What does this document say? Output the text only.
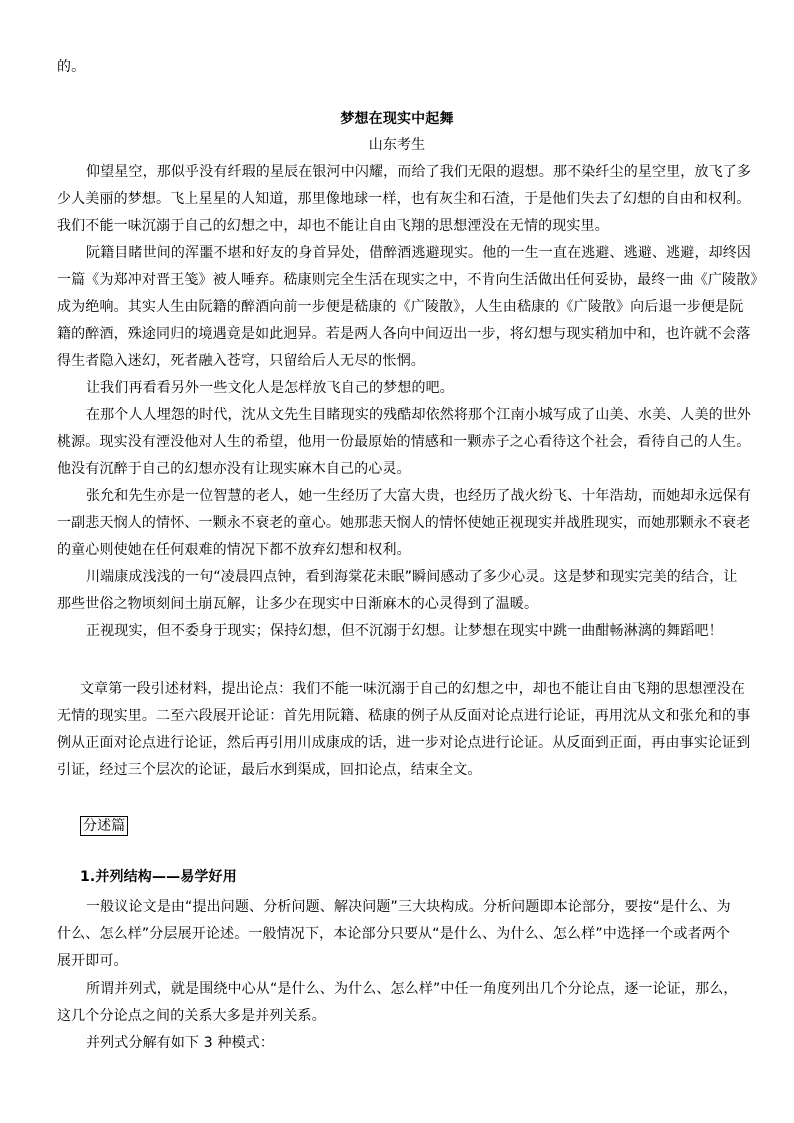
的。
梦想在现实中起舞
山东考生
仰望星空，那似乎没有纤瑕的星辰在银河中闪耀，而给了我们无限的遐想。那不染纤尘的星空里，放飞了多
少人美丽的梦想。飞上星星的人知道，那里像地球一样，也有灰尘和石渣，于是他们失去了幻想的自由和权利。
我们不能一味沉溺于自己的幻想之中，却也不能让自由飞翔的思想湮没在无情的现实里。
阮籍目睹世间的浑噩不堪和好友的身首异处，借醉酒逃避现实。他的一生一直在逃避、逃避、逃避，却终因
一篇《为郑冲对晋王笺》被人唾弃。嵇康则完全生活在现实之中，不肯向生活做出任何妥协，最终一曲《广陵散》
成为绝响。其实人生由阮籍的醉酒向前一步便是嵇康的《广陵散》，人生由嵇康的《广陵散》向后退一步便是阮
籍的醉酒，殊途同归的境遇竟是如此迥异。若是两人各向中间迈出一步，将幻想与现实稍加中和，也许就不会落
得生者隐入迷幻，死者融入苍穹，只留给后人无尽的怅惘。
让我们再看看另外一些文化人是怎样放飞自己的梦想的吧。
在那个人人埋怨的时代，沈从文先生目睹现实的残酷却依然将那个江南小城写成了山美、水美、人美的世外
桃源。现实没有湮没他对人生的希望，他用一份最原始的情感和一颗赤子之心看待这个社会，看待自己的人生。
他没有沉醉于自己的幻想亦没有让现实麻木自己的心灵。
张允和先生亦是一位智慧的老人，她一生经历了大富大贵，也经历了战火纷飞、十年浩劫，而她却永远保有
一副悲天悯人的情怀、一颗永不衰老的童心。她那悲天悯人的情怀使她正视现实并战胜现实，而她那颗永不衰老
的童心则使她在任何艰难的情况下都不放弃幻想和权利。
川端康成浅浅的一句“凌晨四点钟，看到海棠花未眠”瞬间感动了多少心灵。这是梦和现实完美的结合，让
那些世俗之物顷刻间土崩瓦解，让多少在现实中日渐麻木的心灵得到了温暖。
正视现实，但不委身于现实；保持幻想，但不沉溺于幻想。让梦想在现实中跳一曲酣畅淋漓的舞蹈吧！
文章第一段引述材料，提出论点：我们不能一味沉溺于自己的幻想之中，却也不能让自由飞翔的思想湮没在
无情的现实里。二至六段展开论证：首先用阮籍、嵇康的例子从反面对论点进行论证，再用沈从文和张允和的事
例从正面对论点进行论证，然后再引用川成康成的话，进一步对论点进行论证。从反面到正面，再由事实论证到
引证，经过三个层次的论证，最后水到渠成，回扣论点，结束全文。
分述篇
1.并列结构——易学好用
一般议论文是由“提出问题、分析问题、解决问题”三大块构成。分析问题即本论部分，要按“是什么、为
什么、怎么样”分层展开论述。一般情况下，本论部分只要从“是什么、为什么、怎么样”中选择一个或者两个
展开即可。
所谓并列式，就是围绕中心从“是什么、为什么、怎么样”中任一角度列出几个分论点，逐一论证，那么，
这几个分论点之间的关系大多是并列关系。
并列式分解有如下 3 种模式：
